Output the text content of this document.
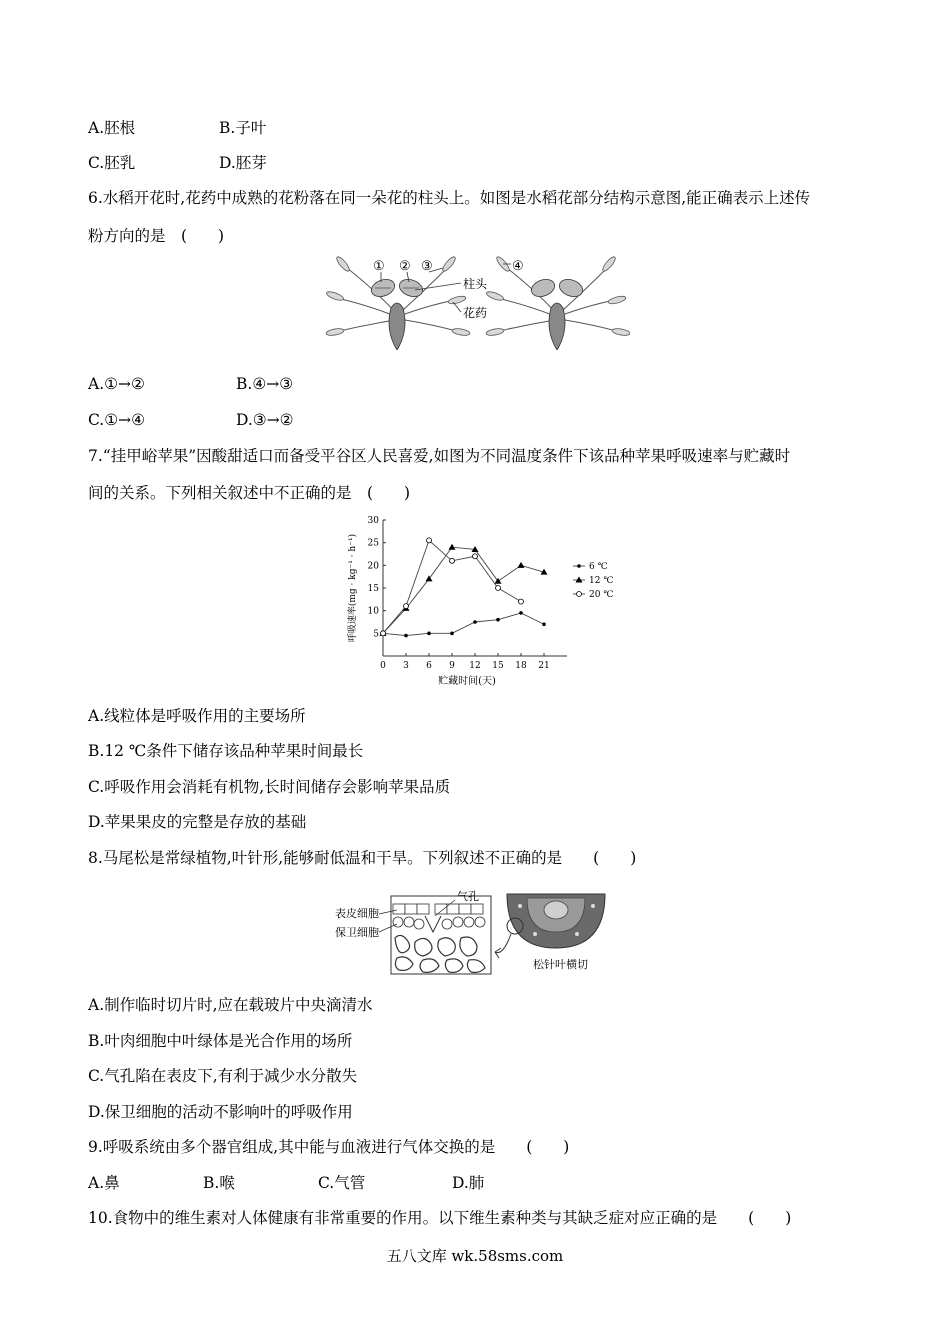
A.胚根	B.子叶
C.胚乳	D.胚芽
6.水稻开花时,花药中成熟的花粉落在同一朵花的柱头上。如图是水稻花部分结构示意图,能正确表示上述传
粉方向的是　(　　)
① ② ③	④
柱头
花药
A.①→②	B.④→③
C.①→④	D.③→②
7.“挂甲峪苹果”因酸甜适口而备受平谷区人民喜爱,如图为不同温度条件下该品种苹果呼吸速率与贮藏时
间的关系。下列相关叙述中不正确的是　(　　)
0 3 6 9 12 15 18 21
5
10
15
20
25
30
6 ℃
12 ℃
20 ℃
呼吸速率(mg · kg⁻¹ · h⁻¹)
贮藏时间(天)
A.线粒体是呼吸作用的主要场所
B.12 ℃条件下储存该品种苹果时间最长
C.呼吸作用会消耗有机物,长时间储存会影响苹果品质
D.苹果果皮的完整是存放的基础
8.马尾松是常绿植物,叶针形,能够耐低温和干旱。下列叙述不正确的是　　(　　)
表皮细胞
保卫细胞
气孔
松针叶横切
A.制作临时切片时,应在载玻片中央滴清水
B.叶肉细胞中叶绿体是光合作用的场所
C.气孔陷在表皮下,有利于减少水分散失
D.保卫细胞的活动不影响叶的呼吸作用
9.呼吸系统由多个器官组成,其中能与血液进行气体交换的是　　(　　)
A.鼻	B.喉	C.气管	D.肺
10.食物中的维生素对人体健康有非常重要的作用。以下维生素种类与其缺乏症对应正确的是　　(　　)
五八文库 wk.58sms.com
